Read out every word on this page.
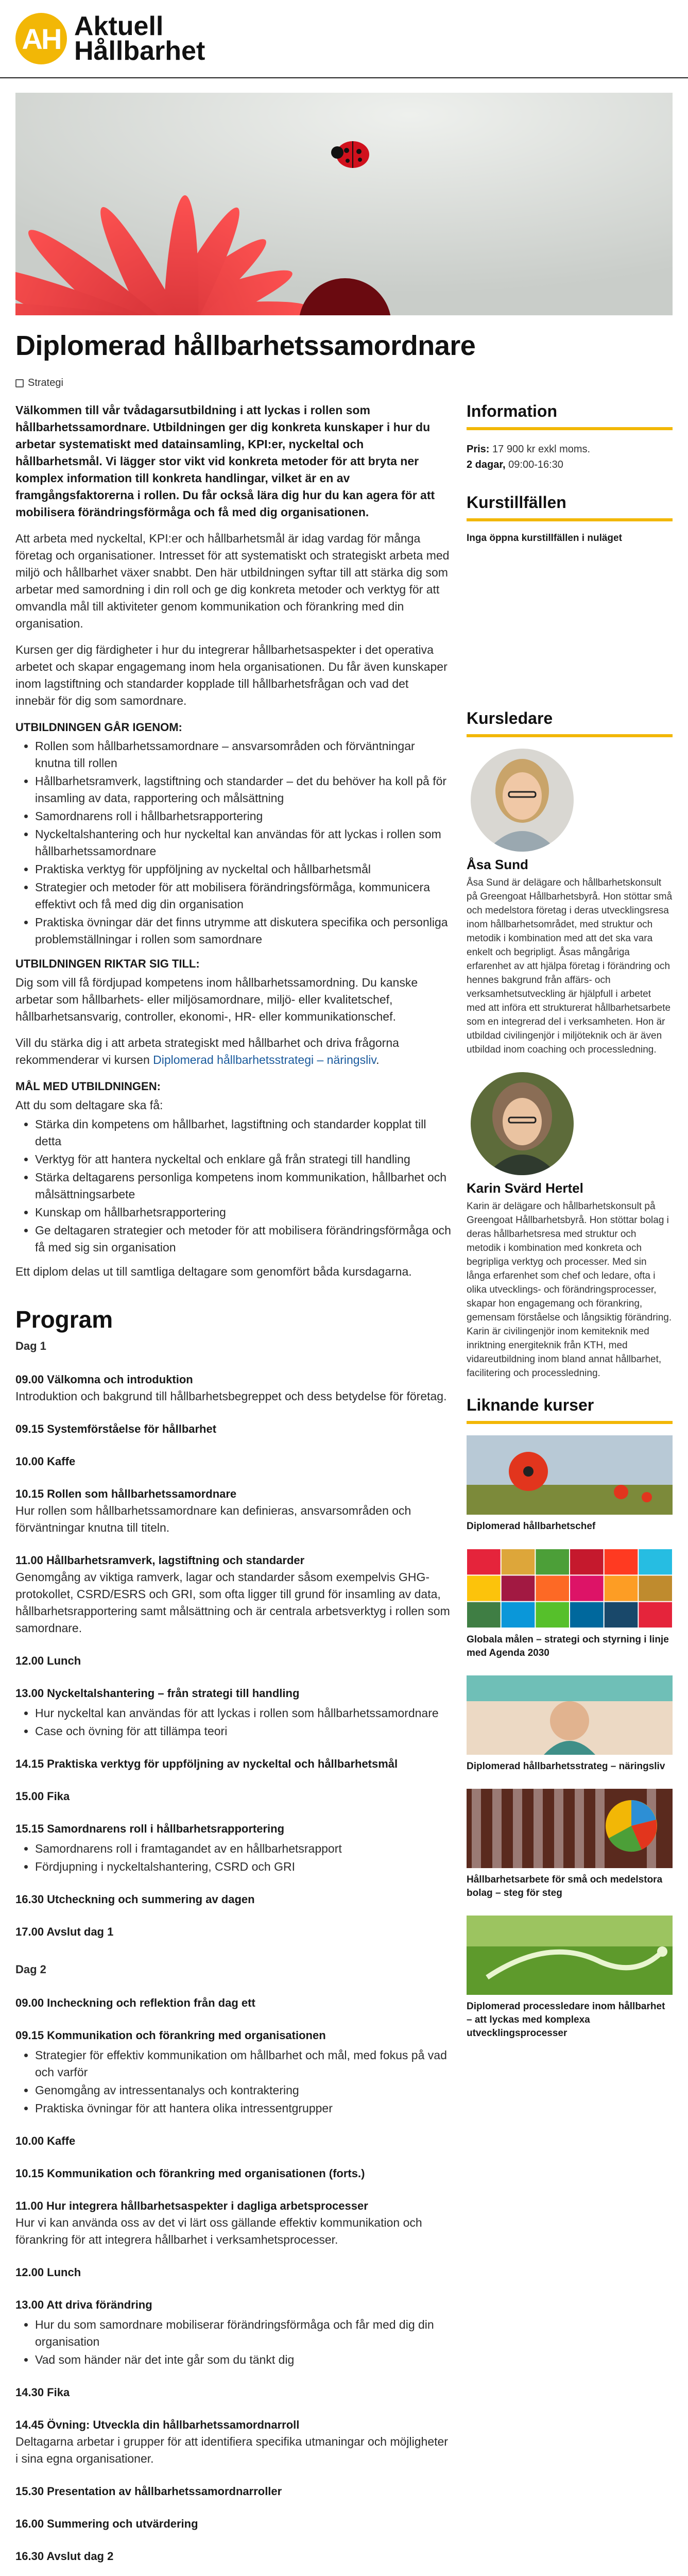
AH Aktuell
Hållbarhet
Diplomerad hållbarhetssamordnare
Strategi

Välkommen till vår tvådagarsutbildning i att lyckas i rollen som hållbarhetssamordnare. Utbildningen ger dig konkreta kunskaper i hur du arbetar systematiskt med datainsamling, KPI:er, nyckeltal och hållbarhetsmål. Vi lägger stor vikt vid konkreta metoder för att bryta ner komplex information till konkreta handlingar, vilket är en av framgångsfaktorerna i rollen. Du får också lära dig hur du kan agera för att mobilisera förändringsförmåga och få med dig organisationen.

Att arbeta med nyckeltal, KPI:er och hållbarhetsmål är idag vardag för många företag och organisationer. Intresset för att systematiskt och strategiskt arbeta med miljö och hållbarhet växer snabbt. Den här utbildningen syftar till att stärka dig som arbetar med samordning i din roll och ge dig konkreta metoder och verktyg för att omvandla mål till aktiviteter genom kommunikation och förankring med din organisation.

Kursen ger dig färdigheter i hur du integrerar hållbarhetsaspekter i det operativa arbetet och skapar engagemang inom hela organisationen. Du får även kunskaper inom lagstiftning och standarder kopplade till hållbarhetsfrågan och vad det innebär för dig som samordnare.

UTBILDNINGEN GÅR IGENOM:
• Rollen som hållbarhetssamordnare – ansvarsområden och förväntningar knutna till rollen
• Hållbarhetsramverk, lagstiftning och standarder – det du behöver ha koll på för insamling av data, rapportering och målsättning
• Samordnarens roll i hållbarhetsrapportering
• Nyckeltalshantering och hur nyckeltal kan användas för att lyckas i rollen som hållbarhetssamordnare
• Praktiska verktyg för uppföljning av nyckeltal och hållbarhetsmål
• Strategier och metoder för att mobilisera förändringsförmåga, kommunicera effektivt och få med dig din organisation
• Praktiska övningar där det finns utrymme att diskutera specifika och personliga problemställningar i rollen som samordnare
UTBILDNINGEN RIKTAR SIG TILL:

Dig som vill få fördjupad kompetens inom hållbarhetssamordning. Du kanske arbetar som hållbarhets- eller miljösamordnare, miljö- eller kvalitetschef, hållbarhetsansvarig, controller, ekonomi-, HR- eller kommunikationschef.

Vill du stärka dig i att arbeta strategiskt med hållbarhet och driva frågorna rekommenderar vi kursen Diplomerad hållbarhetsstrategi – näringsliv.

MÅL MED UTBILDNINGEN:

Att du som deltagare ska få:

• Stärka din kompetens om hållbarhet, lagstiftning och standarder kopplat till detta
• Verktyg för att hantera nyckeltal och enklare gå från strategi till handling
• Stärka deltagarens personliga kompetens inom kommunikation, hållbarhet och målsättningsarbete
• Kunskap om hållbarhetsrapportering
• Ge deltagaren strategier och metoder för att mobilisera förändringsförmåga och få med sig sin organisation

Ett diplom delas ut till samtliga deltagare som genomfört båda kursdagarna.

Program
Dag 1
09.00 Välkomna och introduktion
Introduktion och bakgrund till hållbarhetsbegreppet och dess betydelse för företag.
09.15 Systemförståelse för hållbarhet
10.00 Kaffe
10.15 Rollen som hållbarhetssamordnare
Hur rollen som hållbarhetssamordnare kan definieras, ansvarsområden och förväntningar knutna till titeln.
11.00 Hållbarhetsramverk, lagstiftning och standarder
Genomgång av viktiga ramverk, lagar och standarder såsom exempelvis GHG-protokollet, CSRD/ESRS och GRI, som ofta ligger till grund för insamling av data, hållbarhetsrapportering samt målsättning och är centrala arbetsverktyg i rollen som samordnare.
12.00 Lunch
13.00 Nyckeltalshantering – från strategi till handling
• Hur nyckeltal kan användas för att lyckas i rollen som hållbarhetssamordnare
• Case och övning för att tillämpa teori
14.15 Praktiska verktyg för uppföljning av nyckeltal och hållbarhetsmål
15.00 Fika
15.15 Samordnarens roll i hållbarhetsrapportering
• Samordnarens roll i framtagandet av en hållbarhetsrapport
• Fördjupning i nyckeltalshantering, CSRD och GRI
16.30 Utcheckning och summering av dagen
17.00 Avslut dag 1
Dag 2
09.00 Incheckning och reflektion från dag ett
09.15 Kommunikation och förankring med organisationen
• Strategier för effektiv kommunikation om hållbarhet och mål, med fokus på vad och varför
• Genomgång av intressentanalys och kontraktering
• Praktiska övningar för att hantera olika intressentgrupper
10.00 Kaffe
10.15 Kommunikation och förankring med organisationen (forts.)
11.00 Hur integrera hållbarhetsaspekter i dagliga arbetsprocesser
Hur vi kan använda oss av det vi lärt oss gällande effektiv kommunikation och förankring för att integrera hållbarhet i verksamhetsprocesser.
12.00 Lunch
13.00 Att driva förändring
• Hur du som samordnare mobiliserar förändringsförmåga och får med dig din organisation
• Vad som händer när det inte går som du tänkt dig
14.30 Fika
14.45 Övning: Utveckla din hållbarhetssamordnarroll
Deltagarna arbetar i grupper för att identifiera specifika utmaningar och möjligheter i sina egna organisationer.
15.30 Presentation av hållbarhetssamordnarroller
16.00 Summering och utvärdering
16.30 Avslut dag 2
Information
Pris: 17 900 kr exkl moms.
2 dagar, 09:00-16:30
Kurstillfällen
Inga öppna kurstillfällen i nuläget
Kursledare
Åsa Sund
Åsa Sund är delägare och hållbarhetskonsult på Greengoat Hållbarhetsbyrå. Hon stöttar små och medelstora företag i deras utvecklingsresa inom hållbarhetsområdet, med struktur och metodik i kombination med att det ska vara enkelt och begripligt. Åsas mångåriga erfarenhet av att hjälpa företag i förändring och hennes bakgrund från affärs- och verksamhetsutveckling är hjälpfull i arbetet med att införa ett strukturerat hållbarhetsarbete som en integrerad del i verksamheten. Hon är utbildad civilingenjör i miljöteknik och är även utbildad inom coaching och processledning.
Karin Svärd Hertel
Karin är delägare och hållbarhetskonsult på Greengoat Hållbarhetsbyrå. Hon stöttar bolag i deras hållbarhetsresa med struktur och metodik i kombination med konkreta och begripliga verktyg och processer. Med sin långa erfarenhet som chef och ledare, ofta i olika utvecklings- och förändringsprocesser, skapar hon engagemang och förankring, gemensam förståelse och långsiktig förändring. Karin är civilingenjör inom kemiteknik med inriktning energiteknik från KTH, med vidareutbildning inom bland annat hållbarhet, facilitering och processledning.
Liknande kurser
Diplomerad hållbarhetschef
Globala målen – strategi och styrning i linje med Agenda 2030
Diplomerad hållbarhetsstrateg – näringsliv
Hållbarhetsarbete för små och medelstora bolag – steg för steg
Diplomerad processledare inom hållbarhet – att lyckas med komplexa utvecklingsprocesser
